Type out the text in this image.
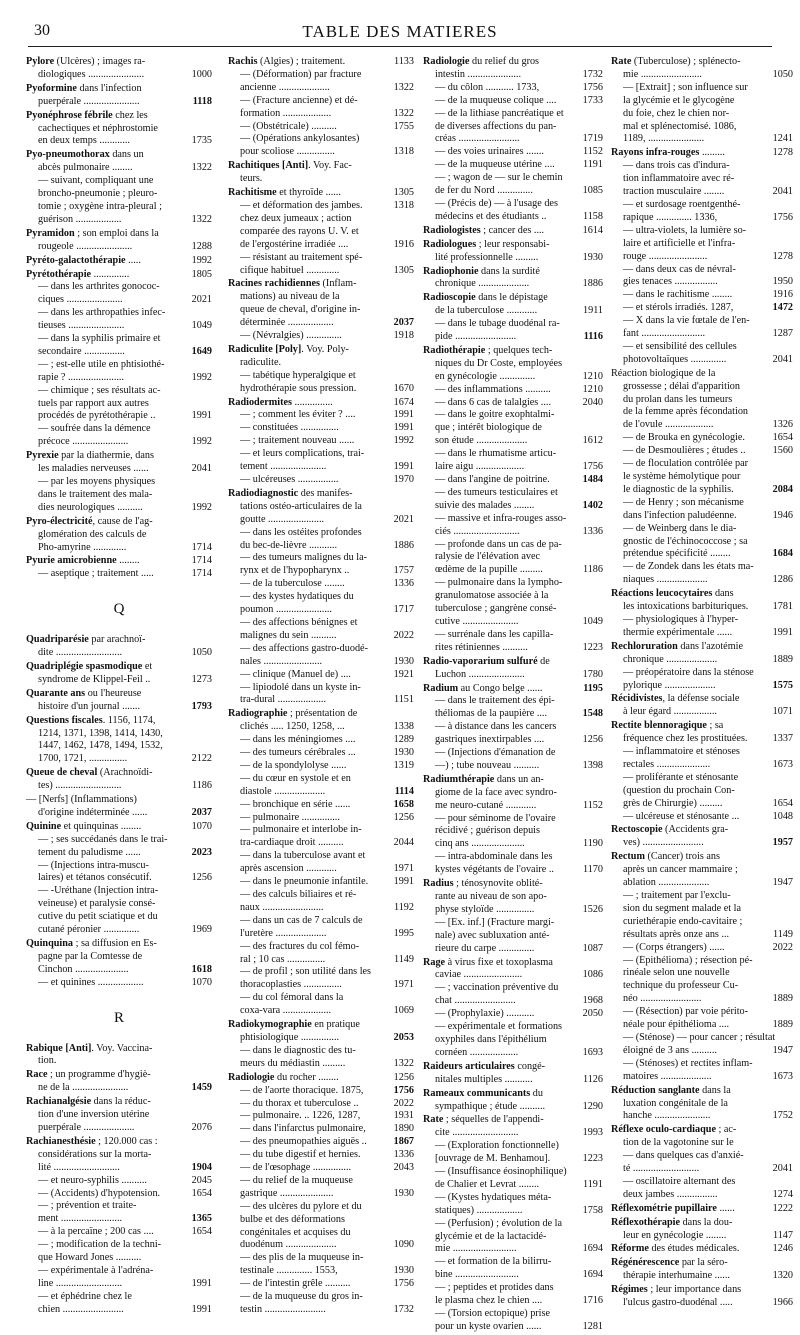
30	TABLE DES MATIERES
Pylore (Ulcères) ; images ra-
diologiques ......................	1000
Pyoformine dans l'infection
puerpérale ......................	1118
Pyonéphrose fébrile chez les
cachectiques et néphrostomie
en deux temps ............	1735
Pyo-pneumothorax dans un
abcès pulmonaire ........	1322
— suivant, compliquant une
broncho-pneumonie ; pleuro-
tomie ; oxygène intra-pleural ;
guérison ..................	1322
Pyramidon ; son emploi dans la
rougeole ......................	1288
Pyréto-galactothérapie .....	1992
Pyrétothérapie ..............	1805
— dans les arthrites gonococ-
ciques ......................	2021
— dans les arthropathies infec-
tieuses ......................	1049
— dans la syphilis primaire et
secondaire ................	1649
— ; est-elle utile en phtisiothé-
rapie ? ......................	1992
— chimique ; ses résultats ac-
tuels par rapport aux autres
procédés de pyrétothérapie ..	1991
— soufrée dans la démence
précoce ......................	1992
Pyrexie par la diathermie, dans
les maladies nerveuses ......	2041
— par les moyens physiques
dans le traitement des mala-
dies neurologiques ..........	1992
Pyro-électricité, cause de l'ag-
glomération des calculs de
Pho-amyrine .............	1714
Pyurie amicrobienne ........	1714
— aseptique ; traitement .....	1714
Q
Quadriparésie par arachnoï-
dite ..........................	1050
Quadriplégie spasmodique et
syndrome de Klippel-Feil ..	1273
Quarante ans ou l'heureuse
histoire d'un journal .......	1793
Questions fiscales. 1156, 1174,
1214, 1371, 1398, 1414, 1430,
1447, 1462, 1478, 1494, 1532,
1700, 1721, ...............	2122
Queue de cheval (Arachnoïdi-
tes) ..........................	1186
— [Nerfs] (Inflammations)
d'origine indéterminée ......	2037
Quinine et quinquinas ........	1070
— ; ses succédanés dans le trai-
tement du paludisme ......	2023
— (Injections intra-muscu-
laires) et tétanos consécutif.	1256
— -Uréthane (Injection intra-
veineuse) et paralysie consé-
cutive du petit sciatique et du
cutané péronier ..............	1969
Quinquina ; sa diffusion en Es-
pagne par la Comtesse de
Cinchon .....................	1618
— et quinines ..................	1070
R
Rabique [Anti]. Voy. Vaccina-
tion.
Race ; un programme d'hygiè-
ne de la ......................	1459
Rachianalgésie dans la réduc-
tion d'une inversion utérine
puerpérale ....................	2076
Rachianesthésie ; 120.000 cas :
considérations sur la morta-
lité ..........................	1904
— et neuro-syphilis ..........	2045
— (Accidents) d'hypotension.	1654
— ; prévention et traite-
ment ........................	1365
— à la percaïne ; 200 cas ....	1654
— ; modification de la techni-
que Howard Jones ..........
— expérimentale à l'adréna-
line ..........................	1991
— et éphédrine chez le
chien ........................	1991
Rachis (Algies) ; traitement.	1133
— (Déformation) par fracture
ancienne ....................	1322
— (Fracture ancienne) et dé-
formation ...................	1322
— (Obstétricale) ..........	1755
— (Opérations ankylosantes)
pour scoliose ...............	1318
Rachitiques [Anti]. Voy. Fac-
teurs.
Rachitisme et thyroïde ......	1305
— et déformation des jambes.	1318
chez deux jumeaux ; action
comparée des rayons U. V. et
de l'ergostérine irradiée ....	1916
— résistant au traitement spé-
cifique habituel .............	1305
Racines rachidiennes (Inflam-
mations) au niveau de la
queue de cheval, d'origine in-
déterminée ..................	2037
— (Névralgies) ..............	1918
Radiculite [Poly]. Voy. Poly-
radiculite.
— tabétique hyperalgique et
hydrothérapie sous pression.	1670
Radiodermites ...............	1674
— ; comment les éviter ? ....	1991
— constituées ...............	1991
— ; traitement nouveau ......	1992
— et leurs complications, trai-
tement ......................	1991
— ulcéreuses ................	1970
Radiodiagnostic des manifes-
tations ostéo-articulaires de la
goutte ......................	2021
— dans les ostéites profondes
du bec-de-lièvre ...........	1886
— des tumeurs malignes du la-
rynx et de l'hypopharynx ..	1757
— de la tuberculose ........	1336
— des kystes hydatiques du
poumon ......................	1717
— des affections bénignes et
malignes du sein ..........	2022
— des affections gastro-duodé-
nales .......................	1930
— clinique (Manuel de) ....	1921
— lipiodolé dans un kyste in-
tra-dural ...................	1151
Radiographie ; présentation de
clichés ..... 1250, 1258, ...	1338
— dans les méningiomes ....	1289
— des tumeurs cérébrales ...	1930
— de la spondylolyse ......	1319
— du cœur en systole et en
diastole ....................	1114
— bronchique en série ......	1658
— pulmonaire ...............	1256
— pulmonaire et interlobe in-
tra-cardiaque droit ..........	2044
— dans la tuberculose avant et
après ascension ............	1971
— dans le pneumonie infantile.	1991
— des calculs biliaires et ré-
naux ........................	1192
— dans un cas de 7 calculs de
l'uretère ....................	1995
— des fractures du col fémo-
ral ; 10 cas ...............	1149
— de profil ; son utilité dans les
thoracoplasties ...............	1971
— du col fémoral dans la
coxa-vara ...................	1069
Radiokymographie en pratique
phtisiologique ...............	2053
— dans le diagnostic des tu-
meurs du médiastin .........	1322
Radiologie du rocher ........	1256
— de l'aorte thoracique. 1875,	1756
— du thorax et tuberculose ..	2022
— pulmonaire. .. 1226, 1287,	1931
— dans l'infarctus pulmonaire,	1890
— des pneumopathies aiguës ..	1867
— du tube digestif et hernies.	1336
— de l'œsophage ...............	2043
— du relief de la muqueuse
gastrique .....................	1930
— des ulcères du pylore et du
bulbe et des déformations
congénitales et acquises du
duodénum ....................	1090
— des plis de la muqueuse in-
testinale .............. 1553,	1930
— de l'intestin grêle ..........	1756
— de la muqueuse du gros in-
testin ........................	1732
Radiologie du relief du gros
intestin .....................	1732
— du côlon ........... 1733,	1756
— de la muqueuse colique ....	1733
— de la lithiase pancréatique et
de diverses affections du pan-
créas ........................	1719
— des voies urinaires .......	1152
— de la muqueuse utérine ....	1191
— ; wagon de — sur le chemin
de fer du Nord ..............	1085
— (Précis de) — à l'usage des
médecins et des étudiants ..	1158
Radiologistes ; cancer des ....	1614
Radiologues ; leur responsabi-
lité professionnelle .........	1930
Radiophonie dans la surdité
chronique ....................	1886
Radioscopie dans le dépistage
de la tuberculose ............	1911
— dans le tubage duodénal ra-
pide ........................	1116
Radiothérapie ; quelques tech-
niques du Dr Coste, employées
en gynécologie ..............	1210
— des inflammations ..........	1210
— dans 6 cas de talalgies ....	2040
— dans le goitre exophtalmi-
que ; intérêt biologique de
son étude ....................	1612
— dans le rhumatisme articu-
laire aigu ...................	1756
— dans l'angine de poitrine.	1484
— des tumeurs testiculaires et
suivie des malades ........	1402
— massive et infra-rouges asso-
ciés ..........................	1336
— profonde dans un cas de pa-
ralysie de l'élévation avec
œdème de la pupille .........	1186
— pulmonaire dans la lympho-
granulomatose associée à la
tuberculose ; gangrène consé-
cutive ......................	1049
— surrénale dans les capilla-
rites rétiniennes ..........	1223
Radio-vaporarium sulfuré de
Luchon ......................	1780
Radium au Congo belge ......	1195
— dans le traitement des épi-
théliomas de la paupière ....	1548
— à distance dans les cancers
gastriques inextirpables ....	1256
— (Injections d'émanation de
—) ; tube nouveau ..........	1398
Radiumthérapie dans un an-
giome de la face avec syndro-
me neuro-cutané ............	1152
— pour séminome de l'ovaire
récidivé ; guérison depuis
cinq ans .....................	1190
— intra-abdominale dans les
kystes végétants de l'ovaire ..	1170
Radius ; ténosynovite oblité-
rante au niveau de son apo-
physe styloïde ...............	1526
— [Ex. inf.] (Fracture margi-
nale) avec subluxation anté-
rieure du carpe ..............	1087
Rage à virus fixe et toxoplasma
caviae .......................	1086
— ; vaccination préventive du
chat ........................	1968
— (Prophylaxie) ...........	2050
— expérimentale et formations
oxyphiles dans l'épithélium
cornéen ...................	1693
Raideurs articulaires congé-
nitales multiples ...........	1126
Rameaux communicants du
sympathique ; étude ..........	1290
Rate ; séquelles de l'appendi-
cite ..........................	1993
— (Exploration fonctionnelle)
[ouvrage de M. Benhamou].	1223
— (Insuffisance éosinophilique)
de Chalier et Levrat ........	1191
— (Kystes hydatiques méta-
statiques) ..................	1758
— (Perfusion) ; évolution de la
glycémie et de la lactacidé-
mie .........................	1694
— et formation de la bilirru-
bine .........................	1694
— ; peptides et protides dans
le plasma chez le chien ....	1716
— (Torsion ectopique) prise
pour un kyste ovarien ......	1281
Rate (Tuberculose) ; splénecto-
mie ........................	1050
— [Extrait] ; son influence sur
la glycémie et le glycogène
du foie, chez le chien nor-
mal et splénectomisé. 1086,
1189, ......................	1241
Rayons infra-rouges .........	1278
— dans trois cas d'indura-
tion inflammatoire avec ré-
traction musculaire ........	2041
— et surdosage roentgenthé-
rapique .............. 1336,	1756
— ultra-violets, la lumière so-
laire et artificielle et l'infra-
rouge .......................	1278
— dans deux cas de névral-
gies tenaces .................	1950
— dans le rachitisme ........	1916
— et stérols irradiés. 1287,	1472
— X dans la vie fœtale de l'en-
fant .........................	1287
— et sensibilité des cellules
photovoltaïques ..............	2041
Réaction biologique de la
grossesse ; délai d'apparition
du prolan dans les tumeurs
de la femme après fécondation
de l'ovule ...................	1326
— de Brouka en gynécologie.	1654
— de Desmoulières ; études ..	1560
— de floculation contrôlée par
le système hémolytique pour
le diagnostic de la syphilis.	2084
— de Henry ; son mécanisme
dans l'infection paludéenne.	1946
— de Weinberg dans le dia-
gnostic de l'échinococcose ; sa
prétendue spécificité ........	1684
— de Zondek dans les états ma-
niaques ....................	1286
Réactions leucocytaires dans
les intoxications barbituriques.	1781
— physiologiques à l'hyper-
thermie expérimentale ......	1991
Rechloruration dans l'azotémie
chronique ....................	1889
— préopératoire dans la sténose
pylorique ....................	1575
Récidivistes, la défense sociale
à leur égard .................	1071
Rectite blennoragique ; sa
fréquence chez les prostituées.	1337
— inflammatoire et sténoses
rectales .....................	1673
— proliférante et sténosante
(question du prochain Con-
grès de Chirurgie) .........	1654
— ulcéreuse et sténosante ...	1048
Rectoscopie (Accidents gra-
ves) ........................	1957
Rectum (Cancer) trois ans
après un cancer mammaire ;
ablation ....................	1947
— ; traitement par l'exclu-
sion du segment malade et la
curiethérapie endo-cavitaire ;
résultats après onze ans ...	1149
— (Corps étrangers) ......	2022
— (Épithélioma) ; résection pé-
rinéale selon une nouvelle
technique du professeur Cu-
néo ........................	1889
— (Résection) par voie périto-
néale pour épithélioma ....	1889
— (Sténose) — pour cancer ; résultat
éloigné de 3 ans ..........	1947
— (Sténoses) et rectites inflam-
matoires ....................	1673
Réduction sanglante dans la
luxation congénitale de la
hanche ......................	1752
Réflexe oculo-cardiaque ; ac-
tion de la vagotonine sur le
— dans quelques cas d'anxié-
té ..........................	2041
— oscillatoire alternant des
deux jambes ................	1274
Réflexométrie pupillaire ......	1222
Réflexothérapie dans la dou-
leur en gynécologie ........	1147
Réforme des études médicales.	1246
Régénérescence par la séro-
thérapie interhumaine ......	1320
Régimes ; leur importance dans
l'ulcus gastro-duodénal .....	1966
